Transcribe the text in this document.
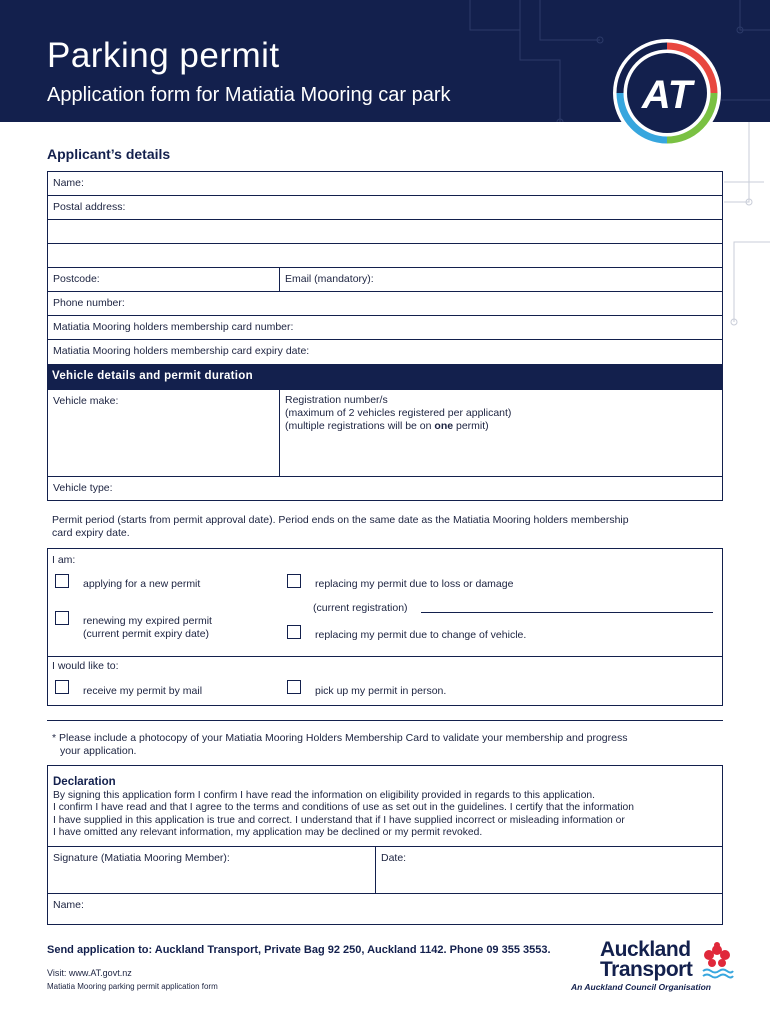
Parking permit
Application form for Matiatia Mooring car park	AT
Applicant’s details
Name:
Postal address:
Postcode:	Email (mandatory):
Phone number:
Matiatia Mooring holders membership card number:
Matiatia Mooring holders membership card expiry date:
Vehicle details and permit duration
Vehicle make:	Registration number/s
(maximum of 2 vehicles registered per applicant)
(multiple registrations will be on one permit)
Vehicle type:
Permit period (starts from permit approval date). Period ends on the same date as the Matiatia Mooring holders membership
card expiry date.
I am:
applying for a new permit	replacing my permit due to loss or damage
(current registration)
renewing my expired permit
(current permit expiry date)	replacing my permit due to change of vehicle.
I would like to:
receive my permit by mail	pick up my permit in person.
* Please include a photocopy of your Matiatia Mooring Holders Membership Card to validate your membership and progress
your application.
Declaration
By signing this application form I confirm I have read the information on eligibility provided in regards to this application.
I confirm I have read and that I agree to the terms and conditions of use as set out in the guidelines. I certify that the information
I have supplied in this application is true and correct. I understand that if I have supplied incorrect or misleading information or
I have omitted any relevant information, my application may be declined or my permit revoked.
Signature (Matiatia Mooring Member):	Date:
Name:
Send application to: Auckland Transport, Private Bag 92 250, Auckland 1142. Phone 09 355 3553.
Visit: www.AT.govt.nz
Matiatia Mooring parking permit application form
Auckland
Transport
An Auckland Council Organisation
